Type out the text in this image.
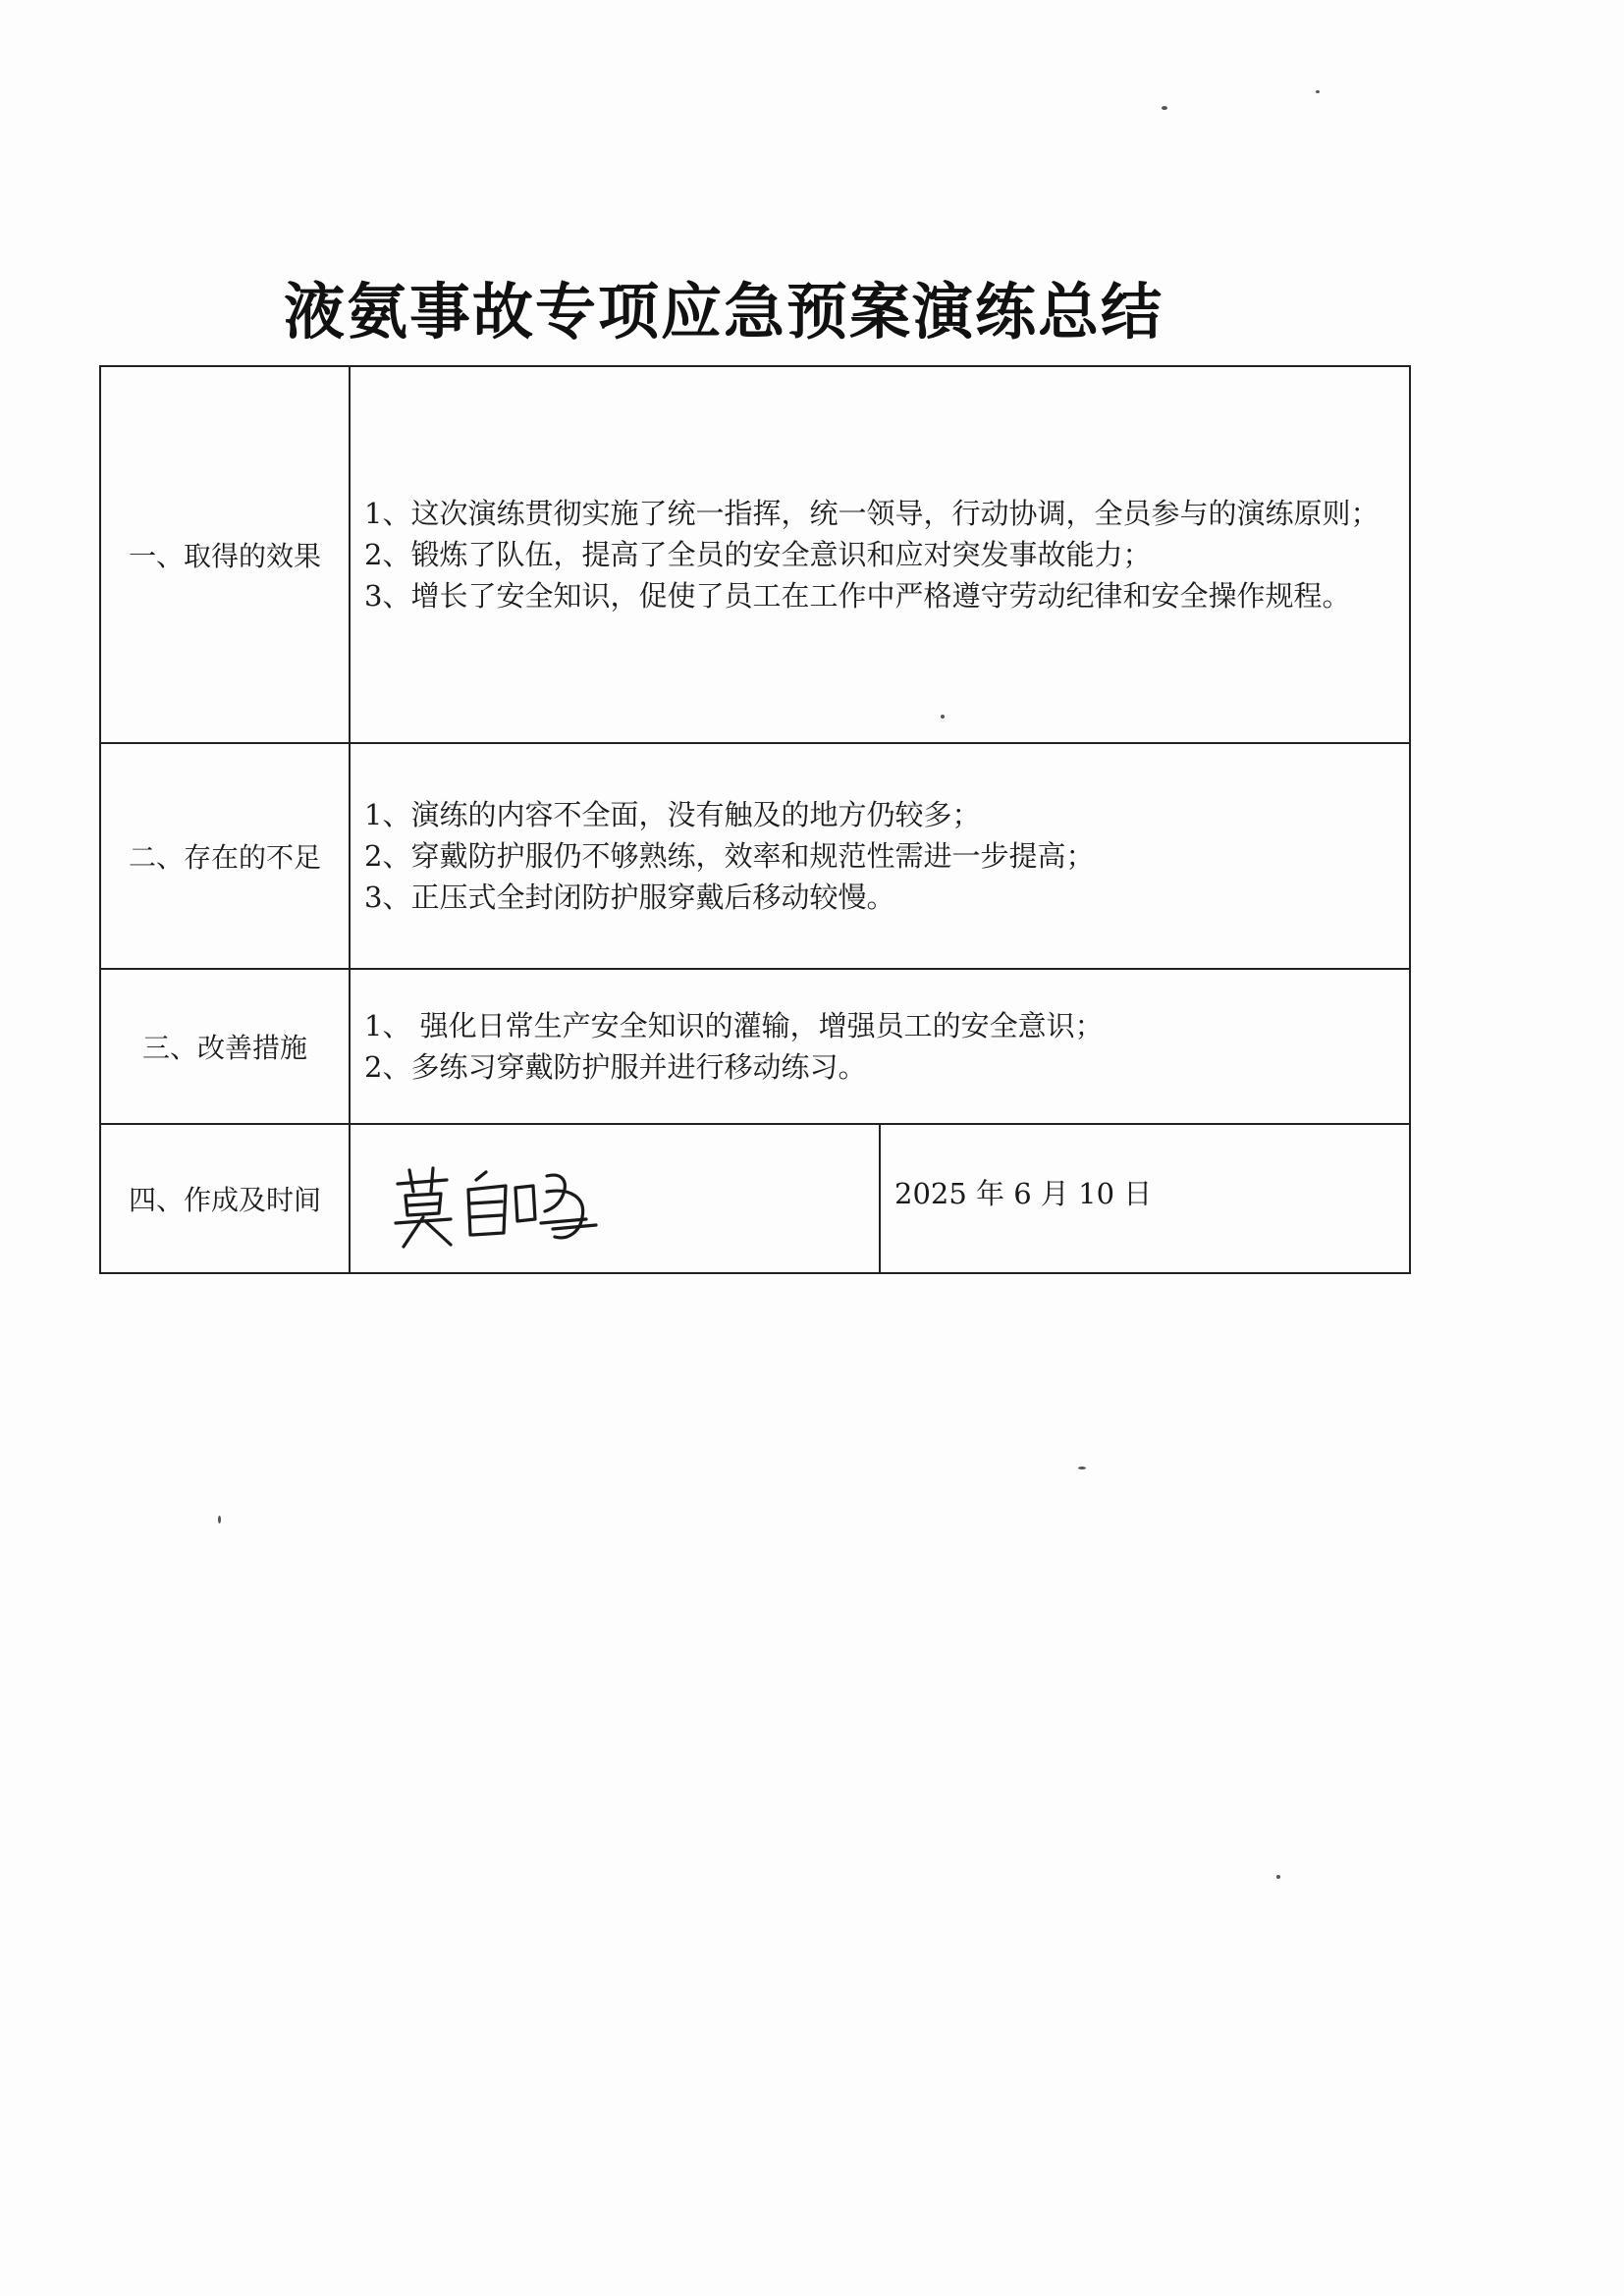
液氨事故专项应急预案演练总结
一、取得的效果	1、这次演练贯彻实施了统一指挥，统一领导，行动协调，全员参与的演练原则；
2、锻炼了队伍，提高了全员的安全意识和应对突发事故能力；
3、增长了安全知识，促使了员工在工作中严格遵守劳动纪律和安全操作规程。	

二、存在的不足	1、演练的内容不全面，没有触及的地方仍较多；
2、穿戴防护服仍不够熟练，效率和规范性需进一步提高；
3、正压式全封闭防护服穿戴后移动较慢。	

三、改善措施	1、 强化日常生产安全知识的灌输，增强员工的安全意识；
2、多练习穿戴防护服并进行移动练习。	

四、作成及时间		2025 年 6 月 10 日
